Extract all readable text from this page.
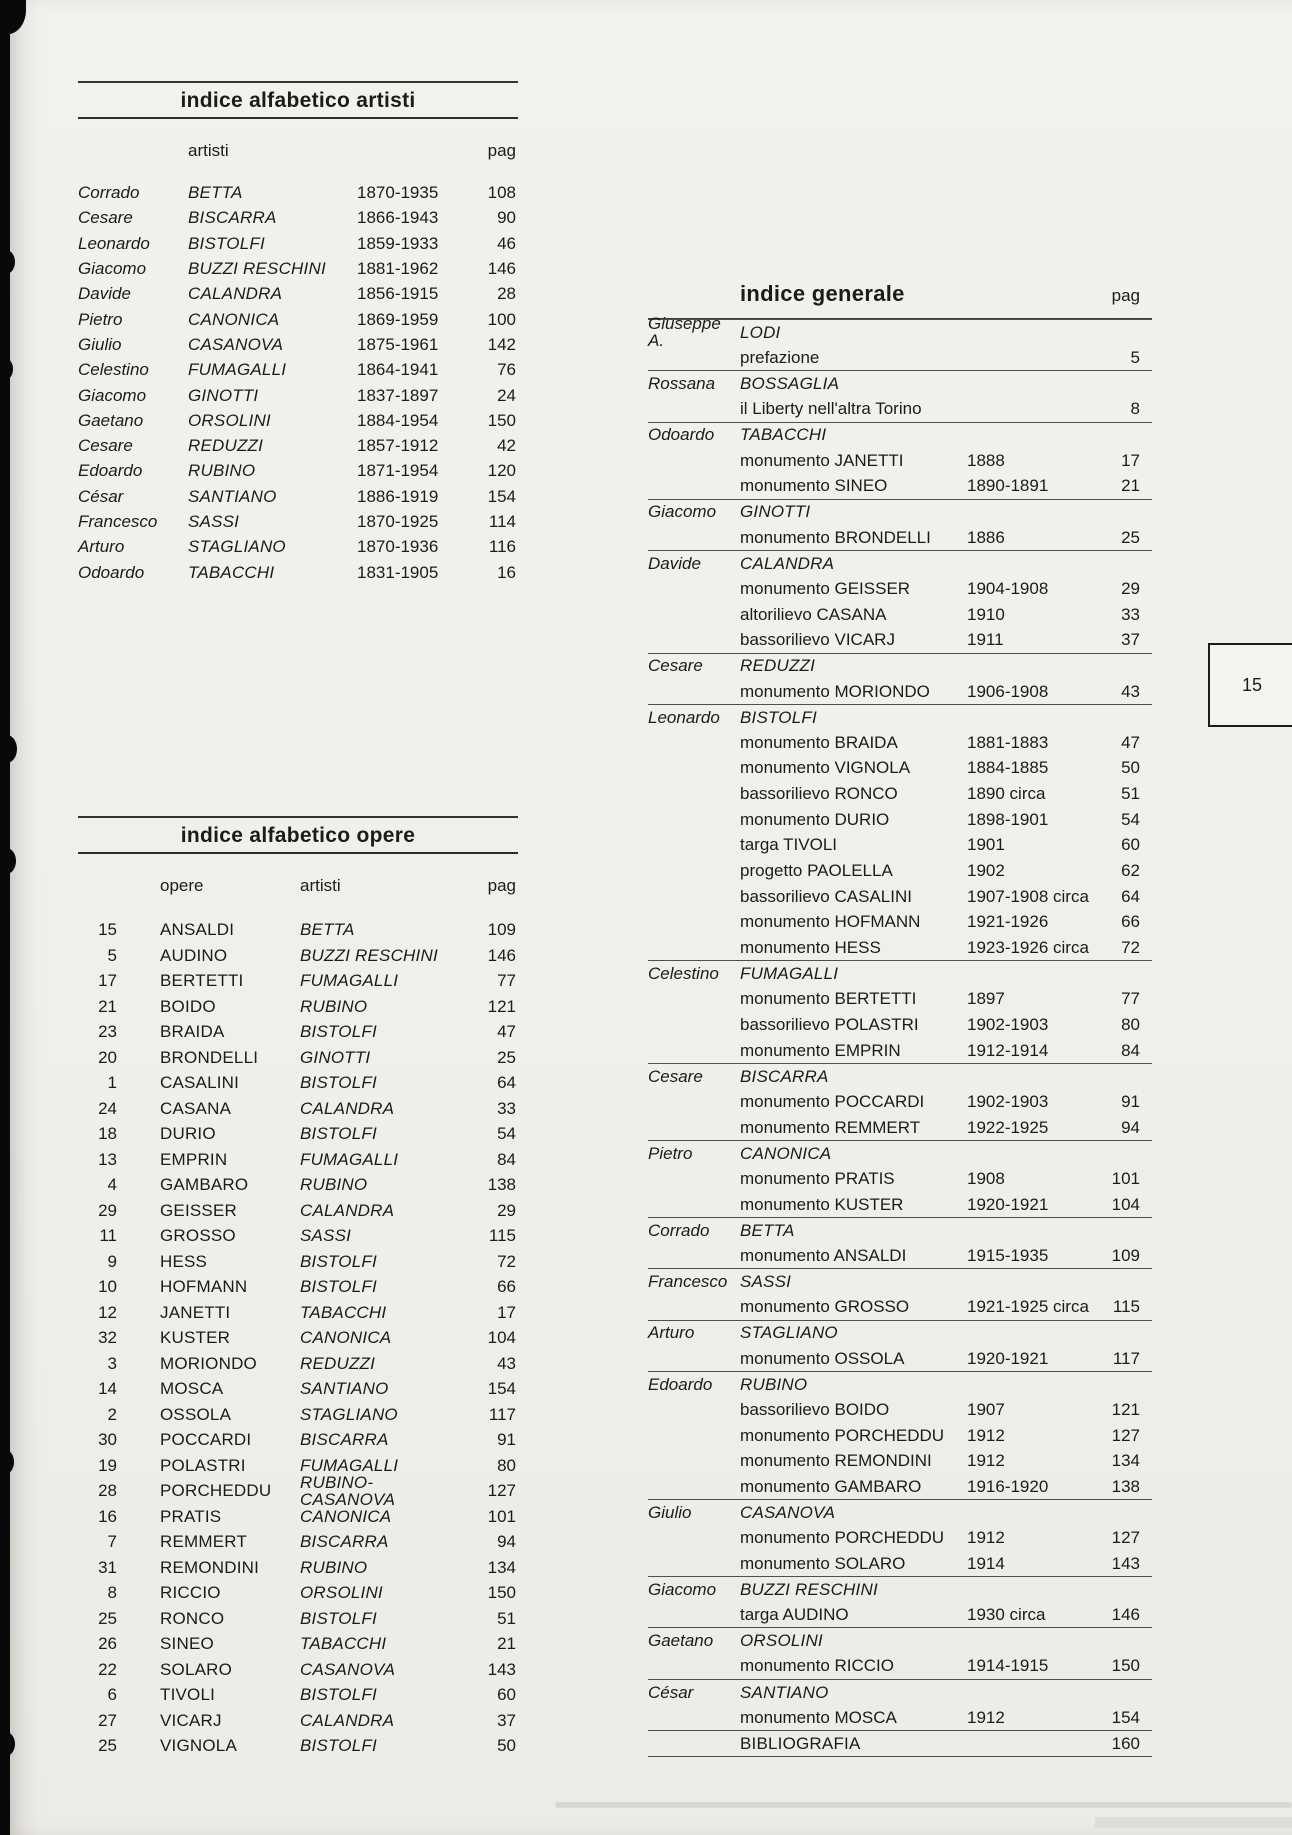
indice alfabetico artisti
artisti	pag
Corrado	BETTA	1870-1935	108
Cesare	BISCARRA	1866-1943	90
Leonardo	BISTOLFI	1859-1933	46
Giacomo	BUZZI RESCHINI	1881-1962	146
Davide	CALANDRA	1856-1915	28
Pietro	CANONICA	1869-1959	100
Giulio	CASANOVA	1875-1961	142
Celestino	FUMAGALLI	1864-1941	76
Giacomo	GINOTTI	1837-1897	24
Gaetano	ORSOLINI	1884-1954	150
Cesare	REDUZZI	1857-1912	42
Edoardo	RUBINO	1871-1954	120
César	SANTIANO	1886-1919	154
Francesco	SASSI	1870-1925	114
Arturo	STAGLIANO	1870-1936	116
Odoardo	TABACCHI	1831-1905	16
indice alfabetico opere
opere	artisti	pag
15	ANSALDI	BETTA	109
5	AUDINO	BUZZI RESCHINI	146
17	BERTETTI	FUMAGALLI	77
21	BOIDO	RUBINO	121
23	BRAIDA	BISTOLFI	47
20	BRONDELLI	GINOTTI	25
1	CASALINI	BISTOLFI	64
24	CASANA	CALANDRA	33
18	DURIO	BISTOLFI	54
13	EMPRIN	FUMAGALLI	84
4	GAMBARO	RUBINO	138
29	GEISSER	CALANDRA	29
11	GROSSO	SASSI	115
9	HESS	BISTOLFI	72
10	HOFMANN	BISTOLFI	66
12	JANETTI	TABACCHI	17
32	KUSTER	CANONICA	104
3	MORIONDO	REDUZZI	43
14	MOSCA	SANTIANO	154
2	OSSOLA	STAGLIANO	117
30	POCCARDI	BISCARRA	91
19	POLASTRI	FUMAGALLI	80
28	PORCHEDDU	RUBINO-CASANOVA	127
16	PRATIS	CANONICA	101
7	REMMERT	BISCARRA	94
31	REMONDINI	RUBINO	134
8	RICCIO	ORSOLINI	150
25	RONCO	BISTOLFI	51
26	SINEO	TABACCHI	21
22	SOLARO	CASANOVA	143
6	TIVOLI	BISTOLFI	60
27	VICARJ	CALANDRA	37
25	VIGNOLA	BISTOLFI	50
indice generale	pag
Giuseppe A.	LODI
prefazione	5
Rossana	BOSSAGLIA
il Liberty nell'altra Torino	8
Odoardo	TABACCHI
monumento JANETTI	1888	17
monumento SINEO	1890-1891	21
Giacomo	GINOTTI
monumento BRONDELLI	1886	25
Davide	CALANDRA
monumento GEISSER	1904-1908	29
altorilievo CASANA	1910	33
bassorilievo VICARJ	1911	37
Cesare	REDUZZI
monumento MORIONDO	1906-1908	43
Leonardo	BISTOLFI
monumento BRAIDA	1881-1883	47
monumento VIGNOLA	1884-1885	50
bassorilievo RONCO	1890 circa	51
monumento DURIO	1898-1901	54
targa TIVOLI	1901	60
progetto PAOLELLA	1902	62
bassorilievo CASALINI	1907-1908 circa	64
monumento HOFMANN	1921-1926	66
monumento HESS	1923-1926 circa	72
Celestino	FUMAGALLI
monumento BERTETTI	1897	77
bassorilievo POLASTRI	1902-1903	80
monumento EMPRIN	1912-1914	84
Cesare	BISCARRA
monumento POCCARDI	1902-1903	91
monumento REMMERT	1922-1925	94
Pietro	CANONICA
monumento PRATIS	1908	101
monumento KUSTER	1920-1921	104
Corrado	BETTA
monumento ANSALDI	1915-1935	109
Francesco SASSI
monumento GROSSO	1921-1925 circa	115
Arturo	STAGLIANO
monumento OSSOLA	1920-1921	117
Edoardo	RUBINO
bassorilievo BOIDO	1907	121
monumento PORCHEDDU	1912	127
monumento REMONDINI	1912	134
monumento GAMBARO	1916-1920	138
Giulio	CASANOVA
monumento PORCHEDDU	1912	127
monumento SOLARO	1914	143
Giacomo	BUZZI RESCHINI
targa AUDINO	1930 circa	146
Gaetano	ORSOLINI
monumento RICCIO	1914-1915	150
César	SANTIANO
monumento MOSCA	1912	154
BIBLIOGRAFIA	160
15
